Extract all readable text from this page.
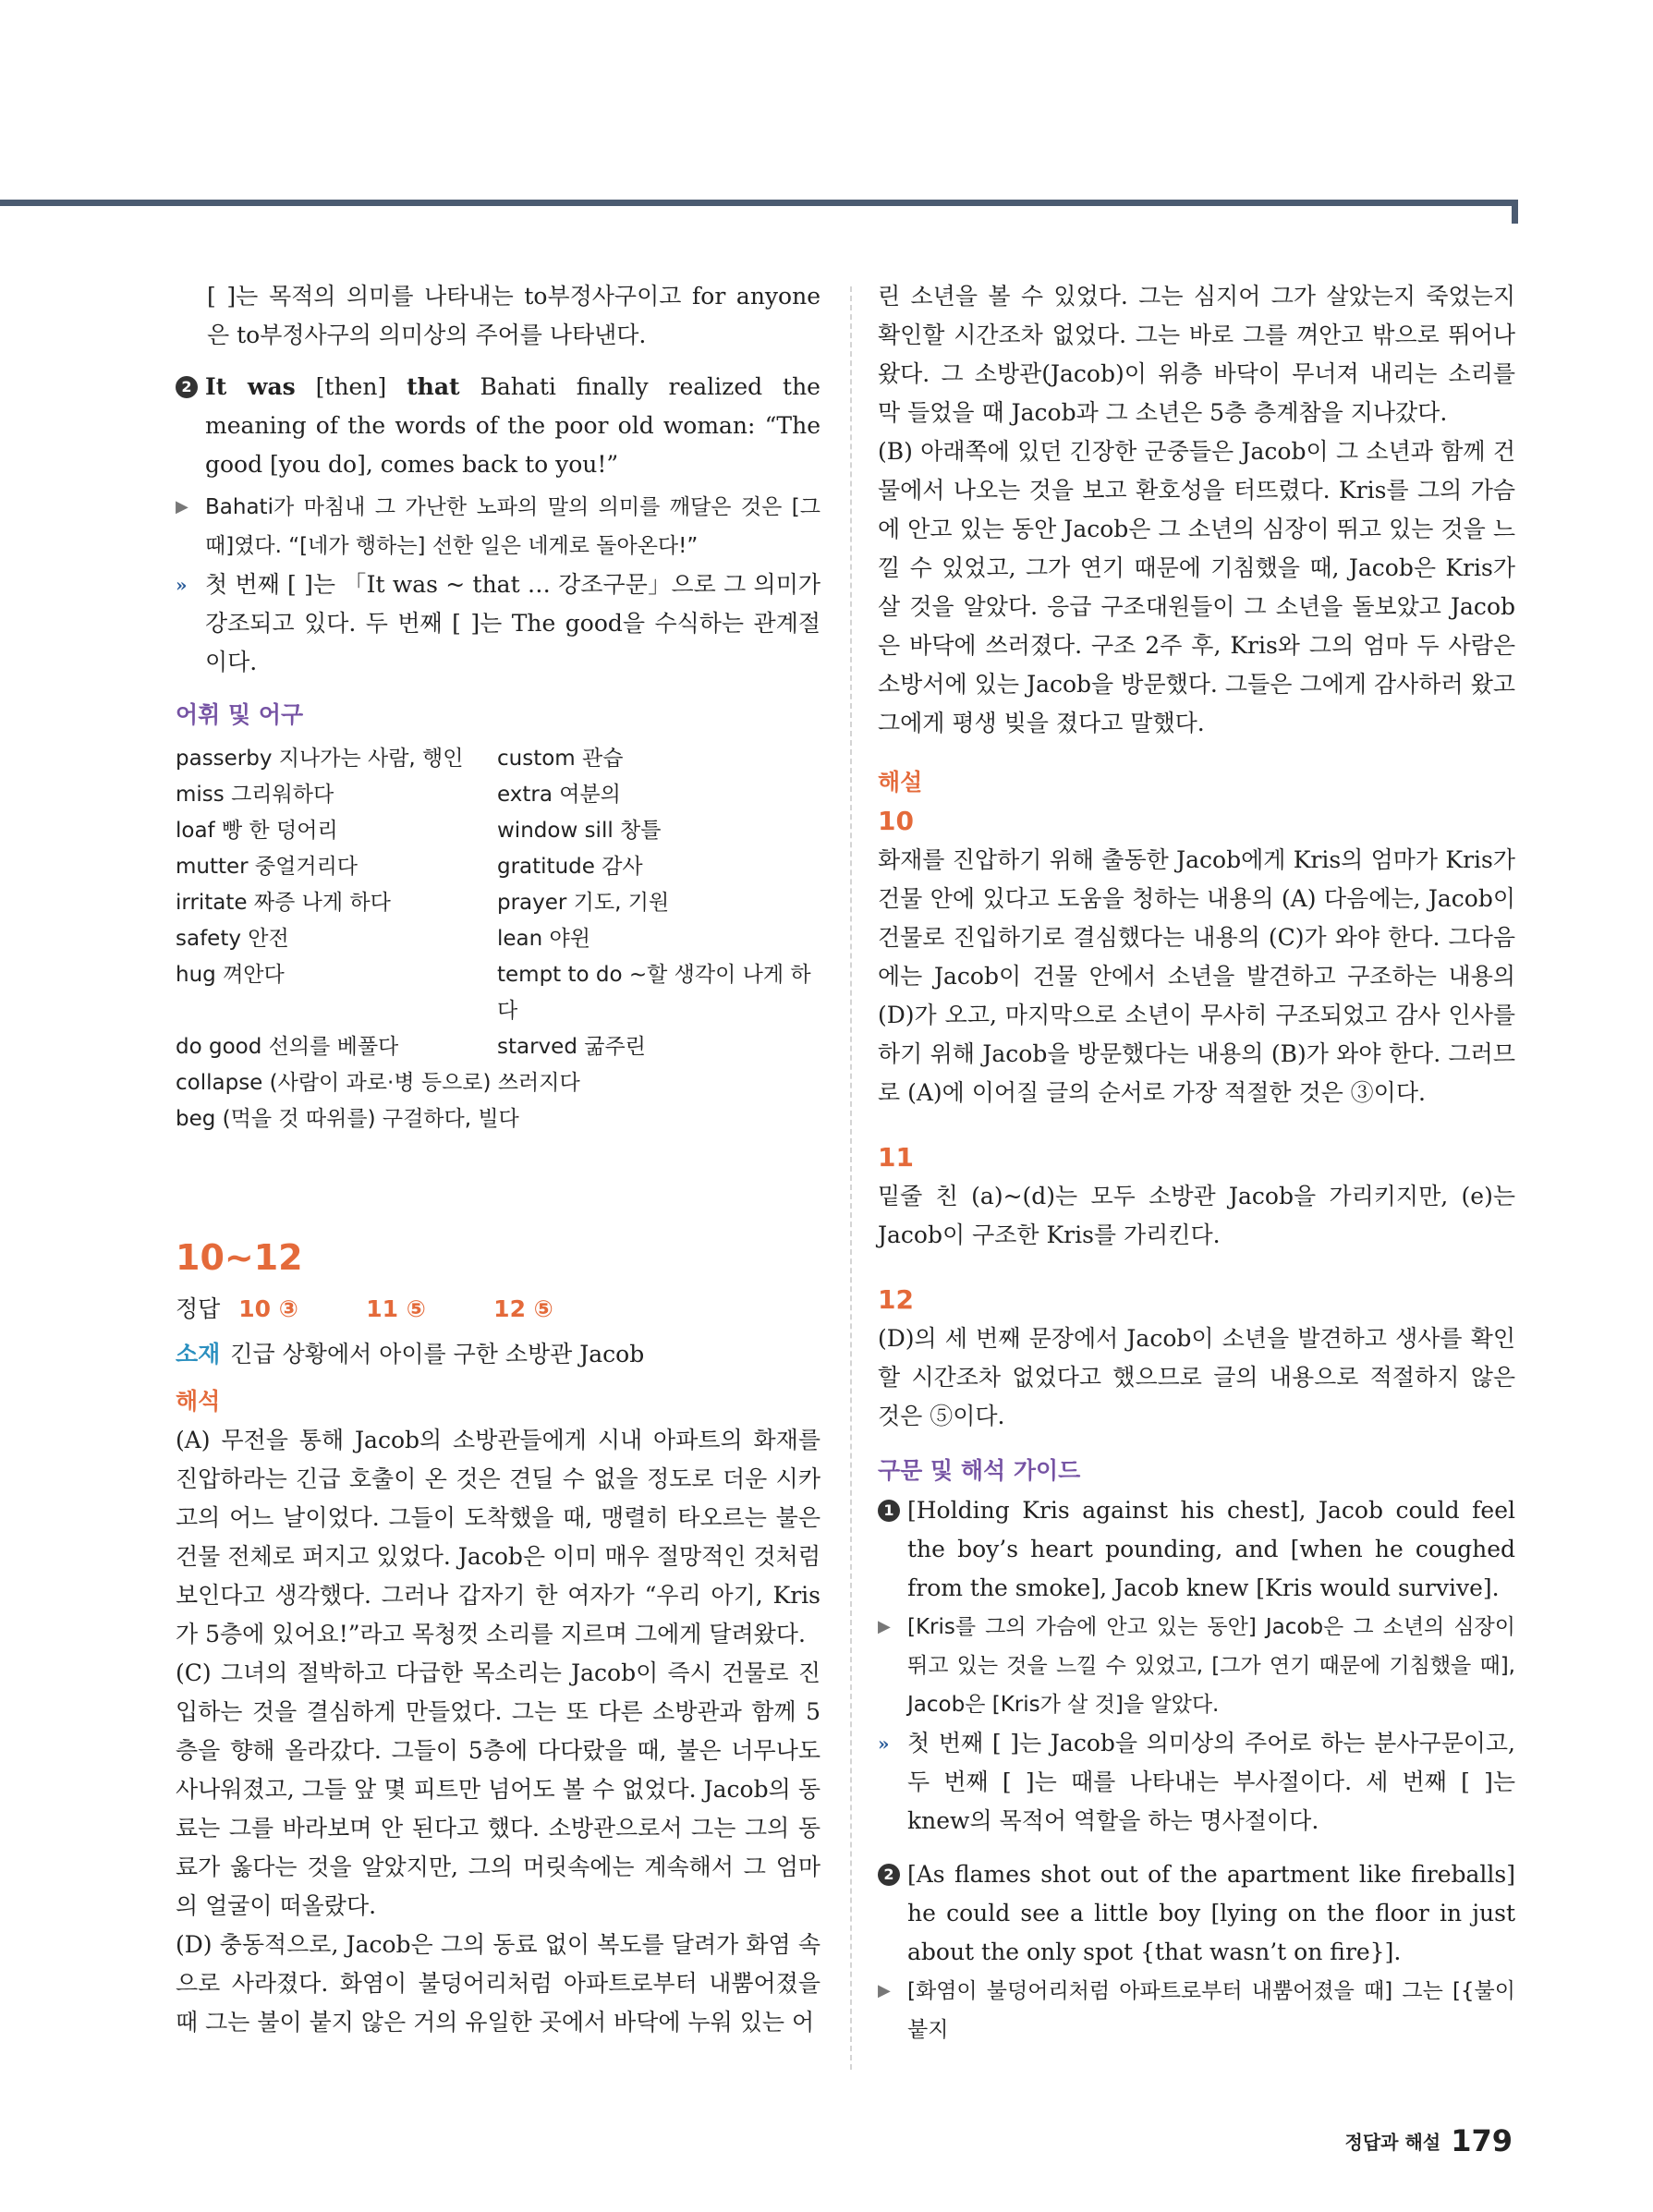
[ ]는 목적의 의미를 나타내는 to부정사구이고 for anyone 은 to부정사구의 의미상의 주어를 나타낸다.

2 It was [then] that Bahati finally realized the meaning of the words of the poor old woman: “The good [you do], comes back to you!”

▶ Bahati가 마침내 그 가난한 노파의 말의 의미를 깨달은 것은 [그때]였다. “[네가 행하는] 선한 일은 네게로 돌아온다!”

» 첫 번째 [ ]는 「It was ~ that … 강조구문」으로 그 의미가 강조되고 있다. 두 번째 [ ]는 The good을 수식하는 관계절이다.

어휘 및 어구
passerby 지나가는 사람, 행인	custom 관습
miss 그리워하다	extra 여분의
loaf 빵 한 덩어리	window sill 창틀
mutter 중얼거리다	gratitude 감사
irritate 짜증 나게 하다	prayer 기도, 기원
safety 안전	lean 야윈
hug 껴안다	tempt to do ~할 생각이 나게 하다
do good 선의를 베풀다	starved 굶주린
collapse (사람이 과로·병 등으로) 쓰러지다
beg (먹을 것 따위를) 구걸하다, 빌다
10~12
정답 10 ③	11 ⑤	12 ⑤
소재 긴급 상황에서 아이를 구한 소방관 Jacob
해석

(A) 무전을 통해 Jacob의 소방관들에게 시내 아파트의 화재를 진압하라는 긴급 호출이 온 것은 견딜 수 없을 정도로 더운 시카고의 어느 날이었다. 그들이 도착했을 때, 맹렬히 타오르는 불은 건물 전체로 퍼지고 있었다. Jacob은 이미 매우 절망적인 것처럼 보인다고 생각했다. 그러나 갑자기 한 여자가 “우리 아기, Kris가 5층에 있어요!”라고 목청껏 소리를 지르며 그에게 달려왔다.

(C) 그녀의 절박하고 다급한 목소리는 Jacob이 즉시 건물로 진입하는 것을 결심하게 만들었다. 그는 또 다른 소방관과 함께 5층을 향해 올라갔다. 그들이 5층에 다다랐을 때, 불은 너무나도 사나워졌고, 그들 앞 몇 피트만 넘어도 볼 수 없었다. Jacob의 동료는 그를 바라보며 안 된다고 했다. 소방관으로서 그는 그의 동료가 옳다는 것을 알았지만, 그의 머릿속에는 계속해서 그 엄마의 얼굴이 떠올랐다.

(D) 충동적으로, Jacob은 그의 동료 없이 복도를 달려가 화염 속으로 사라졌다. 화염이 불덩어리처럼 아파트로부터 내뿜어졌을 때 그는 불이 붙지 않은 거의 유일한 곳에서 바닥에 누워 있는 어

린 소년을 볼 수 있었다. 그는 심지어 그가 살았는지 죽었는지 확인할 시간조차 없었다. 그는 바로 그를 껴안고 밖으로 뛰어나왔다. 그 소방관(Jacob)이 위층 바닥이 무너져 내리는 소리를 막 들었을 때 Jacob과 그 소년은 5층 층계참을 지나갔다.

(B) 아래쪽에 있던 긴장한 군중들은 Jacob이 그 소년과 함께 건물에서 나오는 것을 보고 환호성을 터뜨렸다. Kris를 그의 가슴에 안고 있는 동안 Jacob은 그 소년의 심장이 뛰고 있는 것을 느낄 수 있었고, 그가 연기 때문에 기침했을 때, Jacob은 Kris가 살 것을 알았다. 응급 구조대원들이 그 소년을 돌보았고 Jacob은 바닥에 쓰러졌다. 구조 2주 후, Kris와 그의 엄마 두 사람은 소방서에 있는 Jacob을 방문했다. 그들은 그에게 감사하러 왔고 그에게 평생 빚을 졌다고 말했다.

해설
10

화재를 진압하기 위해 출동한 Jacob에게 Kris의 엄마가 Kris가 건물 안에 있다고 도움을 청하는 내용의 (A) 다음에는, Jacob이 건물로 진입하기로 결심했다는 내용의 (C)가 와야 한다. 그다음에는 Jacob이 건물 안에서 소년을 발견하고 구조하는 내용의 (D)가 오고, 마지막으로 소년이 무사히 구조되었고 감사 인사를 하기 위해 Jacob을 방문했다는 내용의 (B)가 와야 한다. 그러므로 (A)에 이어질 글의 순서로 가장 적절한 것은 ③이다.

11

밑줄 친 (a)~(d)는 모두 소방관 Jacob을 가리키지만, (e)는 Jacob이 구조한 Kris를 가리킨다.

12

(D)의 세 번째 문장에서 Jacob이 소년을 발견하고 생사를 확인할 시간조차 없었다고 했으므로 글의 내용으로 적절하지 않은 것은 ⑤이다.

구문 및 해석 가이드
1 [Holding Kris against his chest], Jacob could feel the boy’s heart pounding, and [when he coughed from the smoke], Jacob knew [Kris would survive].

▶ [Kris를 그의 가슴에 안고 있는 동안] Jacob은 그 소년의 심장이 뛰고 있는 것을 느낄 수 있었고, [그가 연기 때문에 기침했을 때], Jacob은 [Kris가 살 것]을 알았다.

» 첫 번째 [ ]는 Jacob을 의미상의 주어로 하는 분사구문이고, 두 번째 [ ]는 때를 나타내는 부사절이다. 세 번째 [ ]는 knew의 목적어 역할을 하는 명사절이다.

2 [As flames shot out of the apartment like fireballs] he could see a little boy [lying on the floor in just about the only spot {that wasn’t on fire}].

▶ [화염이 불덩어리처럼 아파트로부터 내뿜어졌을 때] 그는 [{불이 붙지

정답과 해설 179
